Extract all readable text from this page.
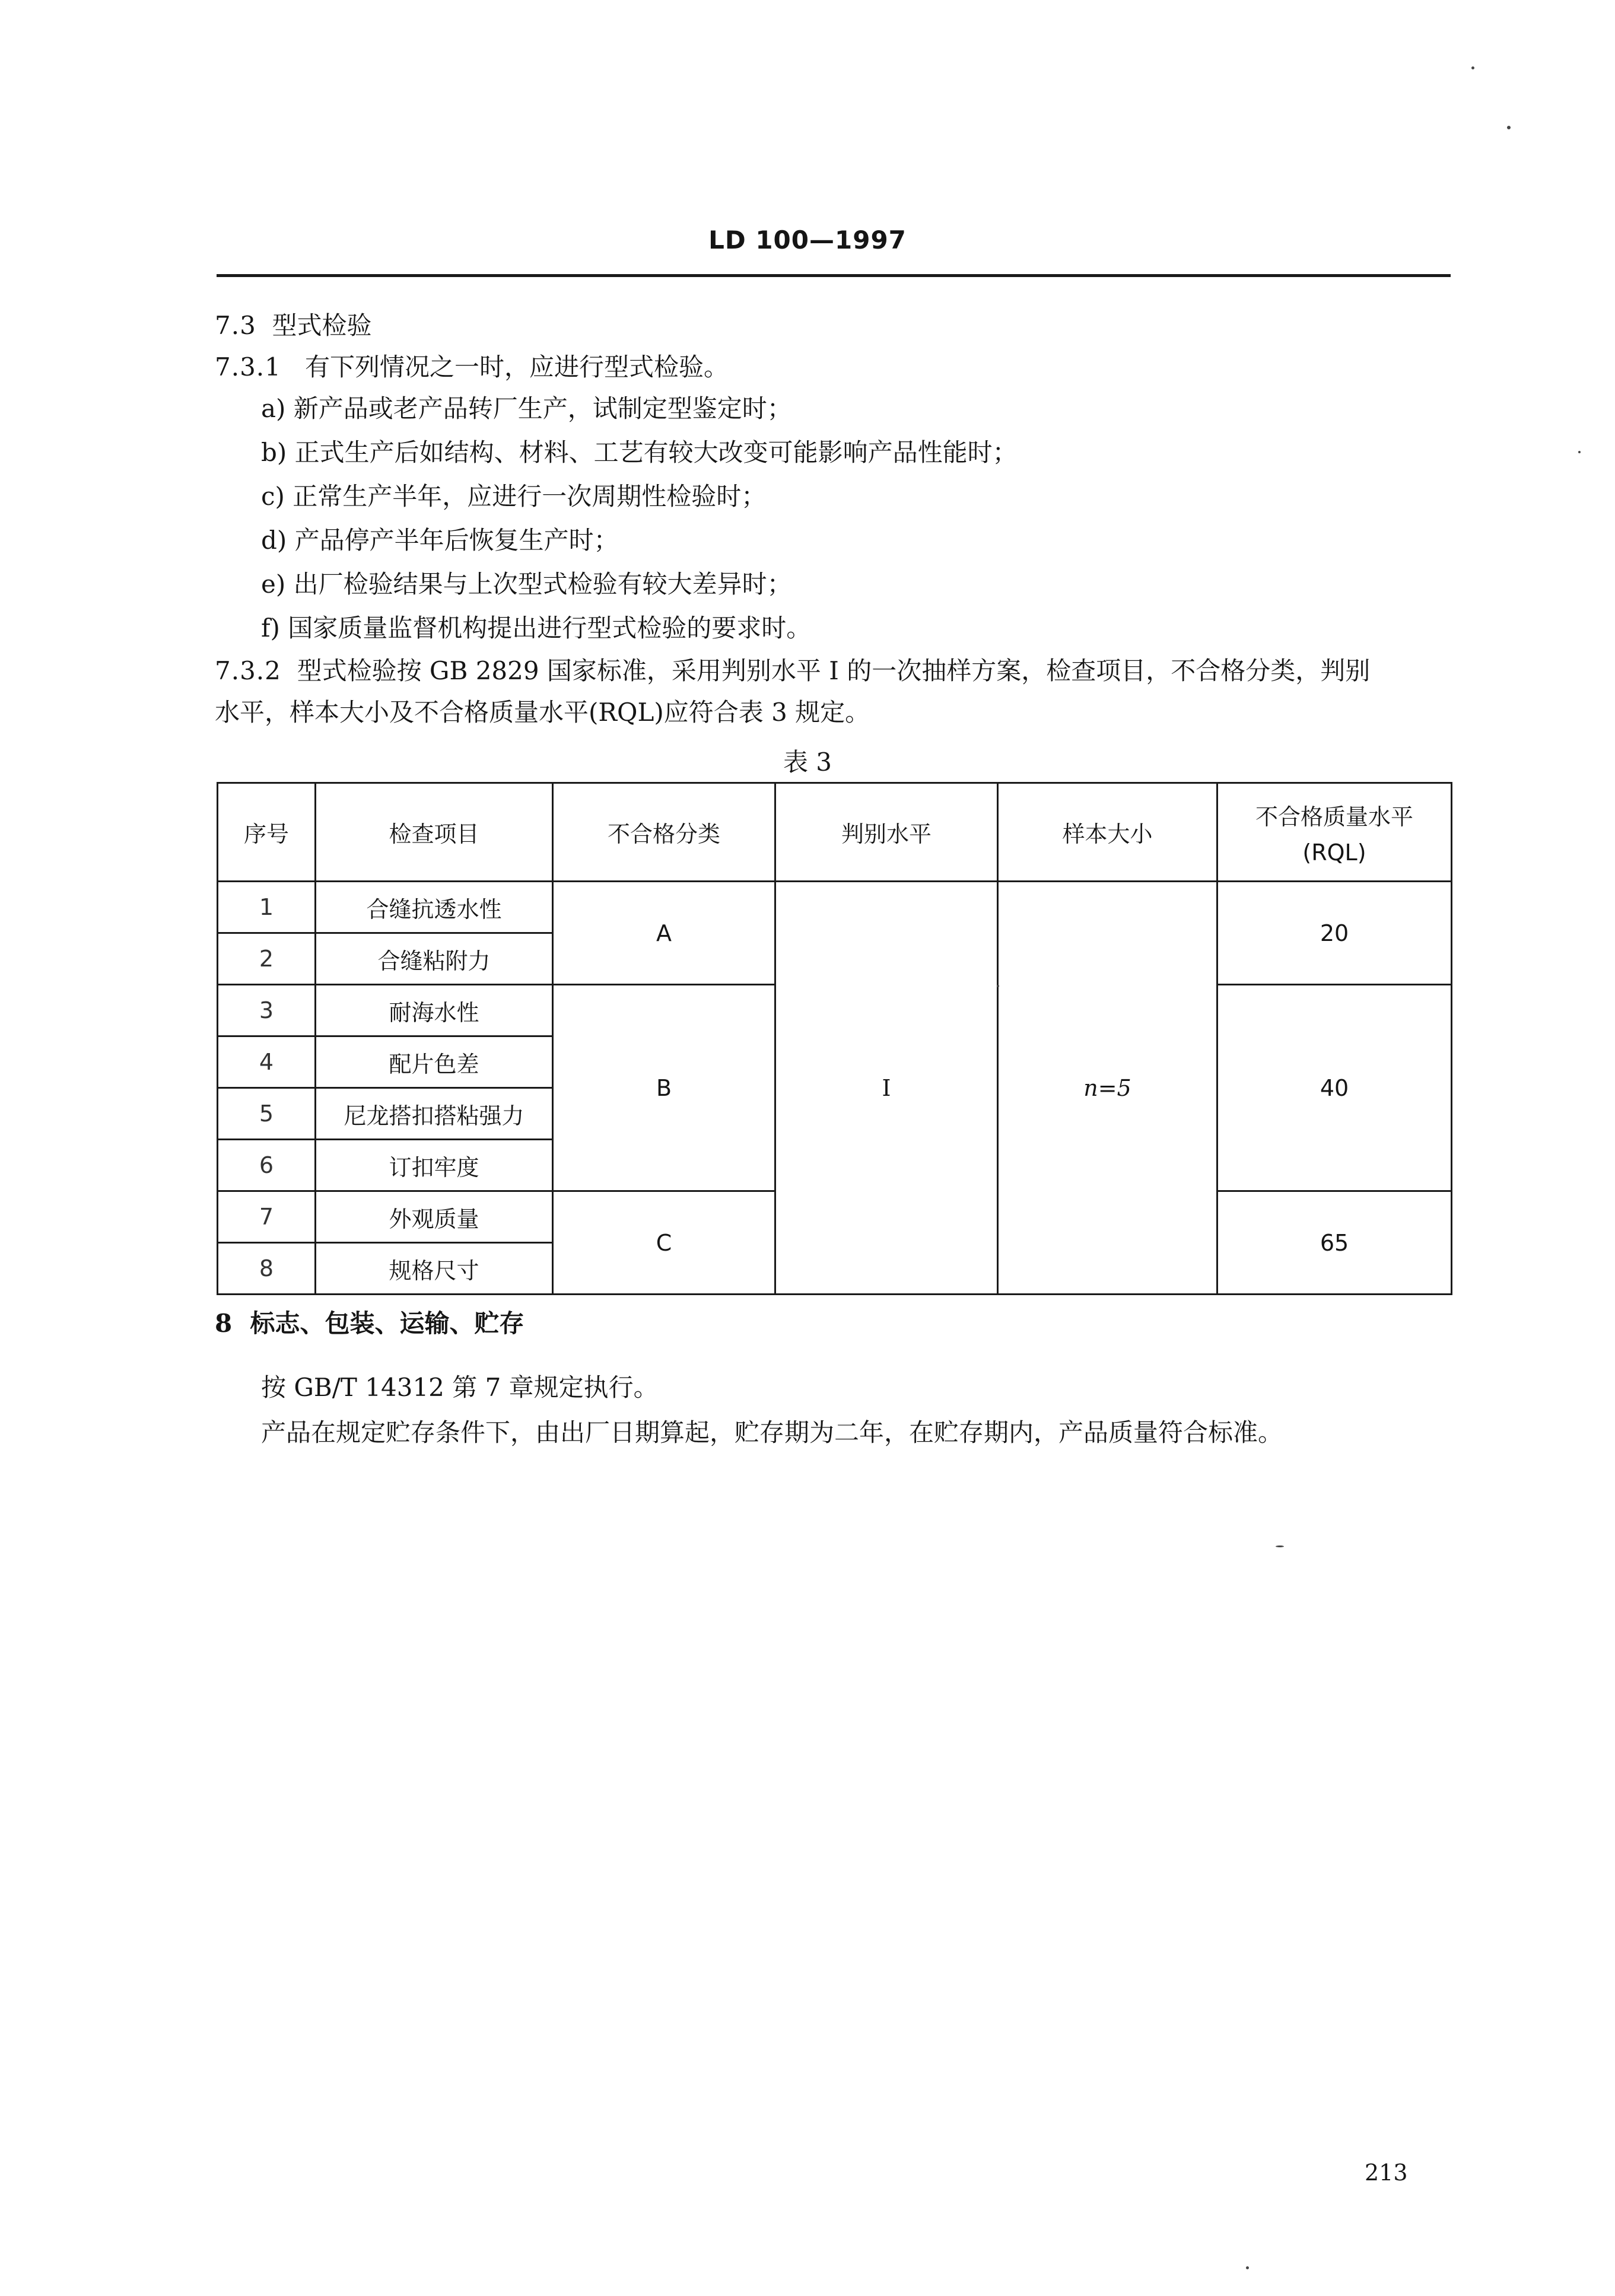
LD 100—1997
7.3 型式检验
7.3.1 有下列情况之一时，应进行型式检验。
a) 新产品或老产品转厂生产，试制定型鉴定时；
b) 正式生产后如结构、材料、工艺有较大改变可能影响产品性能时；
c) 正常生产半年，应进行一次周期性检验时；
d) 产品停产半年后恢复生产时；
e) 出厂检验结果与上次型式检验有较大差异时；
f) 国家质量监督机构提出进行型式检验的要求时。
7.3.2 型式检验按 GB 2829 国家标准，采用判别水平 Ⅰ 的一次抽样方案，检查项目，不合格分类，判别
水平，样本大小及不合格质量水平(RQL)应符合表 3 规定。
表 3
序号	检查项目	不合格分类	判别水平	样本大小	不合格质量水平
(RQL)

1	合缝抗透水性	A	Ⅰ	n=5	20
2	合缝粘附力				
3	耐海水性	B			40
4	配片色差				
5	尼龙搭扣搭粘强力				
6	订扣牢度				
7	外观质量	C			65
8	规格尺寸				
8 标志、包装、运输、贮存
按 GB/T 14312 第 7 章规定执行。
产品在规定贮存条件下，由出厂日期算起，贮存期为二年，在贮存期内，产品质量符合标准。
213
